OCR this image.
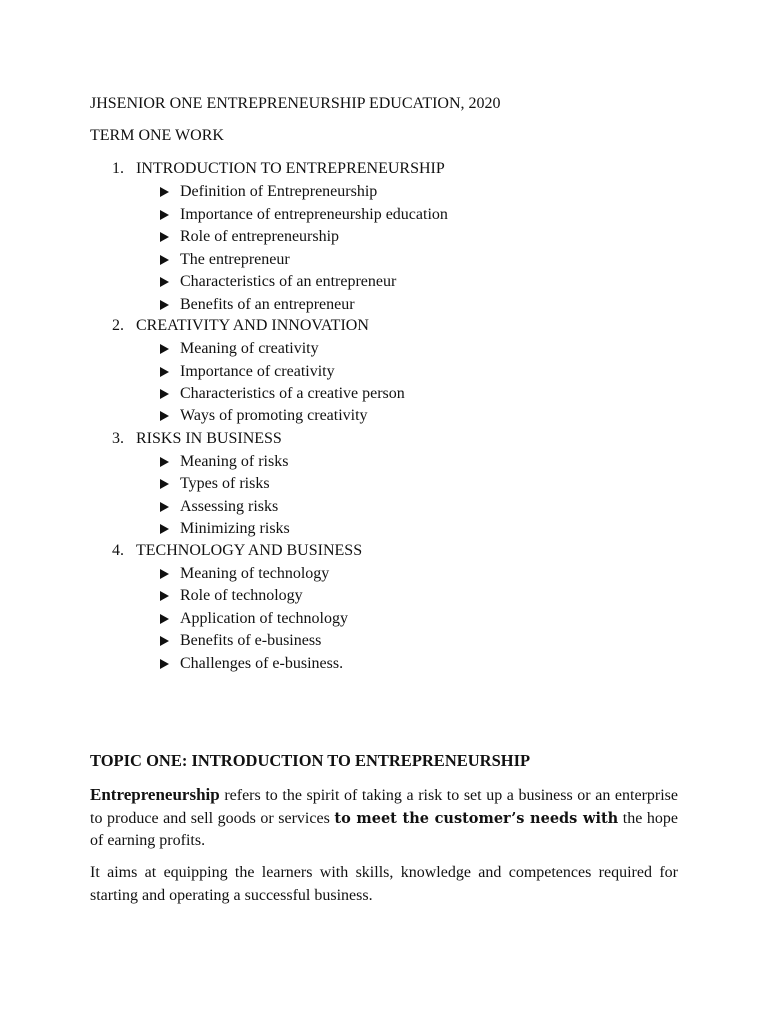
JHSENIOR ONE ENTREPRENEURSHIP EDUCATION, 2020
TERM ONE WORK
1. INTRODUCTION TO ENTREPRENEURSHIP
Definition of Entrepreneurship
Importance of entrepreneurship education
Role of entrepreneurship
The entrepreneur
Characteristics of an entrepreneur
Benefits of an entrepreneur
2. CREATIVITY AND INNOVATION
Meaning of creativity
Importance of creativity
Characteristics of a creative person
Ways of promoting creativity
3. RISKS IN BUSINESS
Meaning of risks
Types of risks
Assessing risks
Minimizing risks
4. TECHNOLOGY AND BUSINESS
Meaning of technology
Role of technology
Application of technology
Benefits of e-business
Challenges of e-business.
TOPIC ONE: INTRODUCTION TO ENTREPRENEURSHIP

Entrepreneurship refers to the spirit of taking a risk to set up a business or an enterprise to produce and sell goods or services to meet the customer’s needs with the hope of earning profits.

It aims at equipping the learners with skills, knowledge and competences required for starting and operating a successful business.
